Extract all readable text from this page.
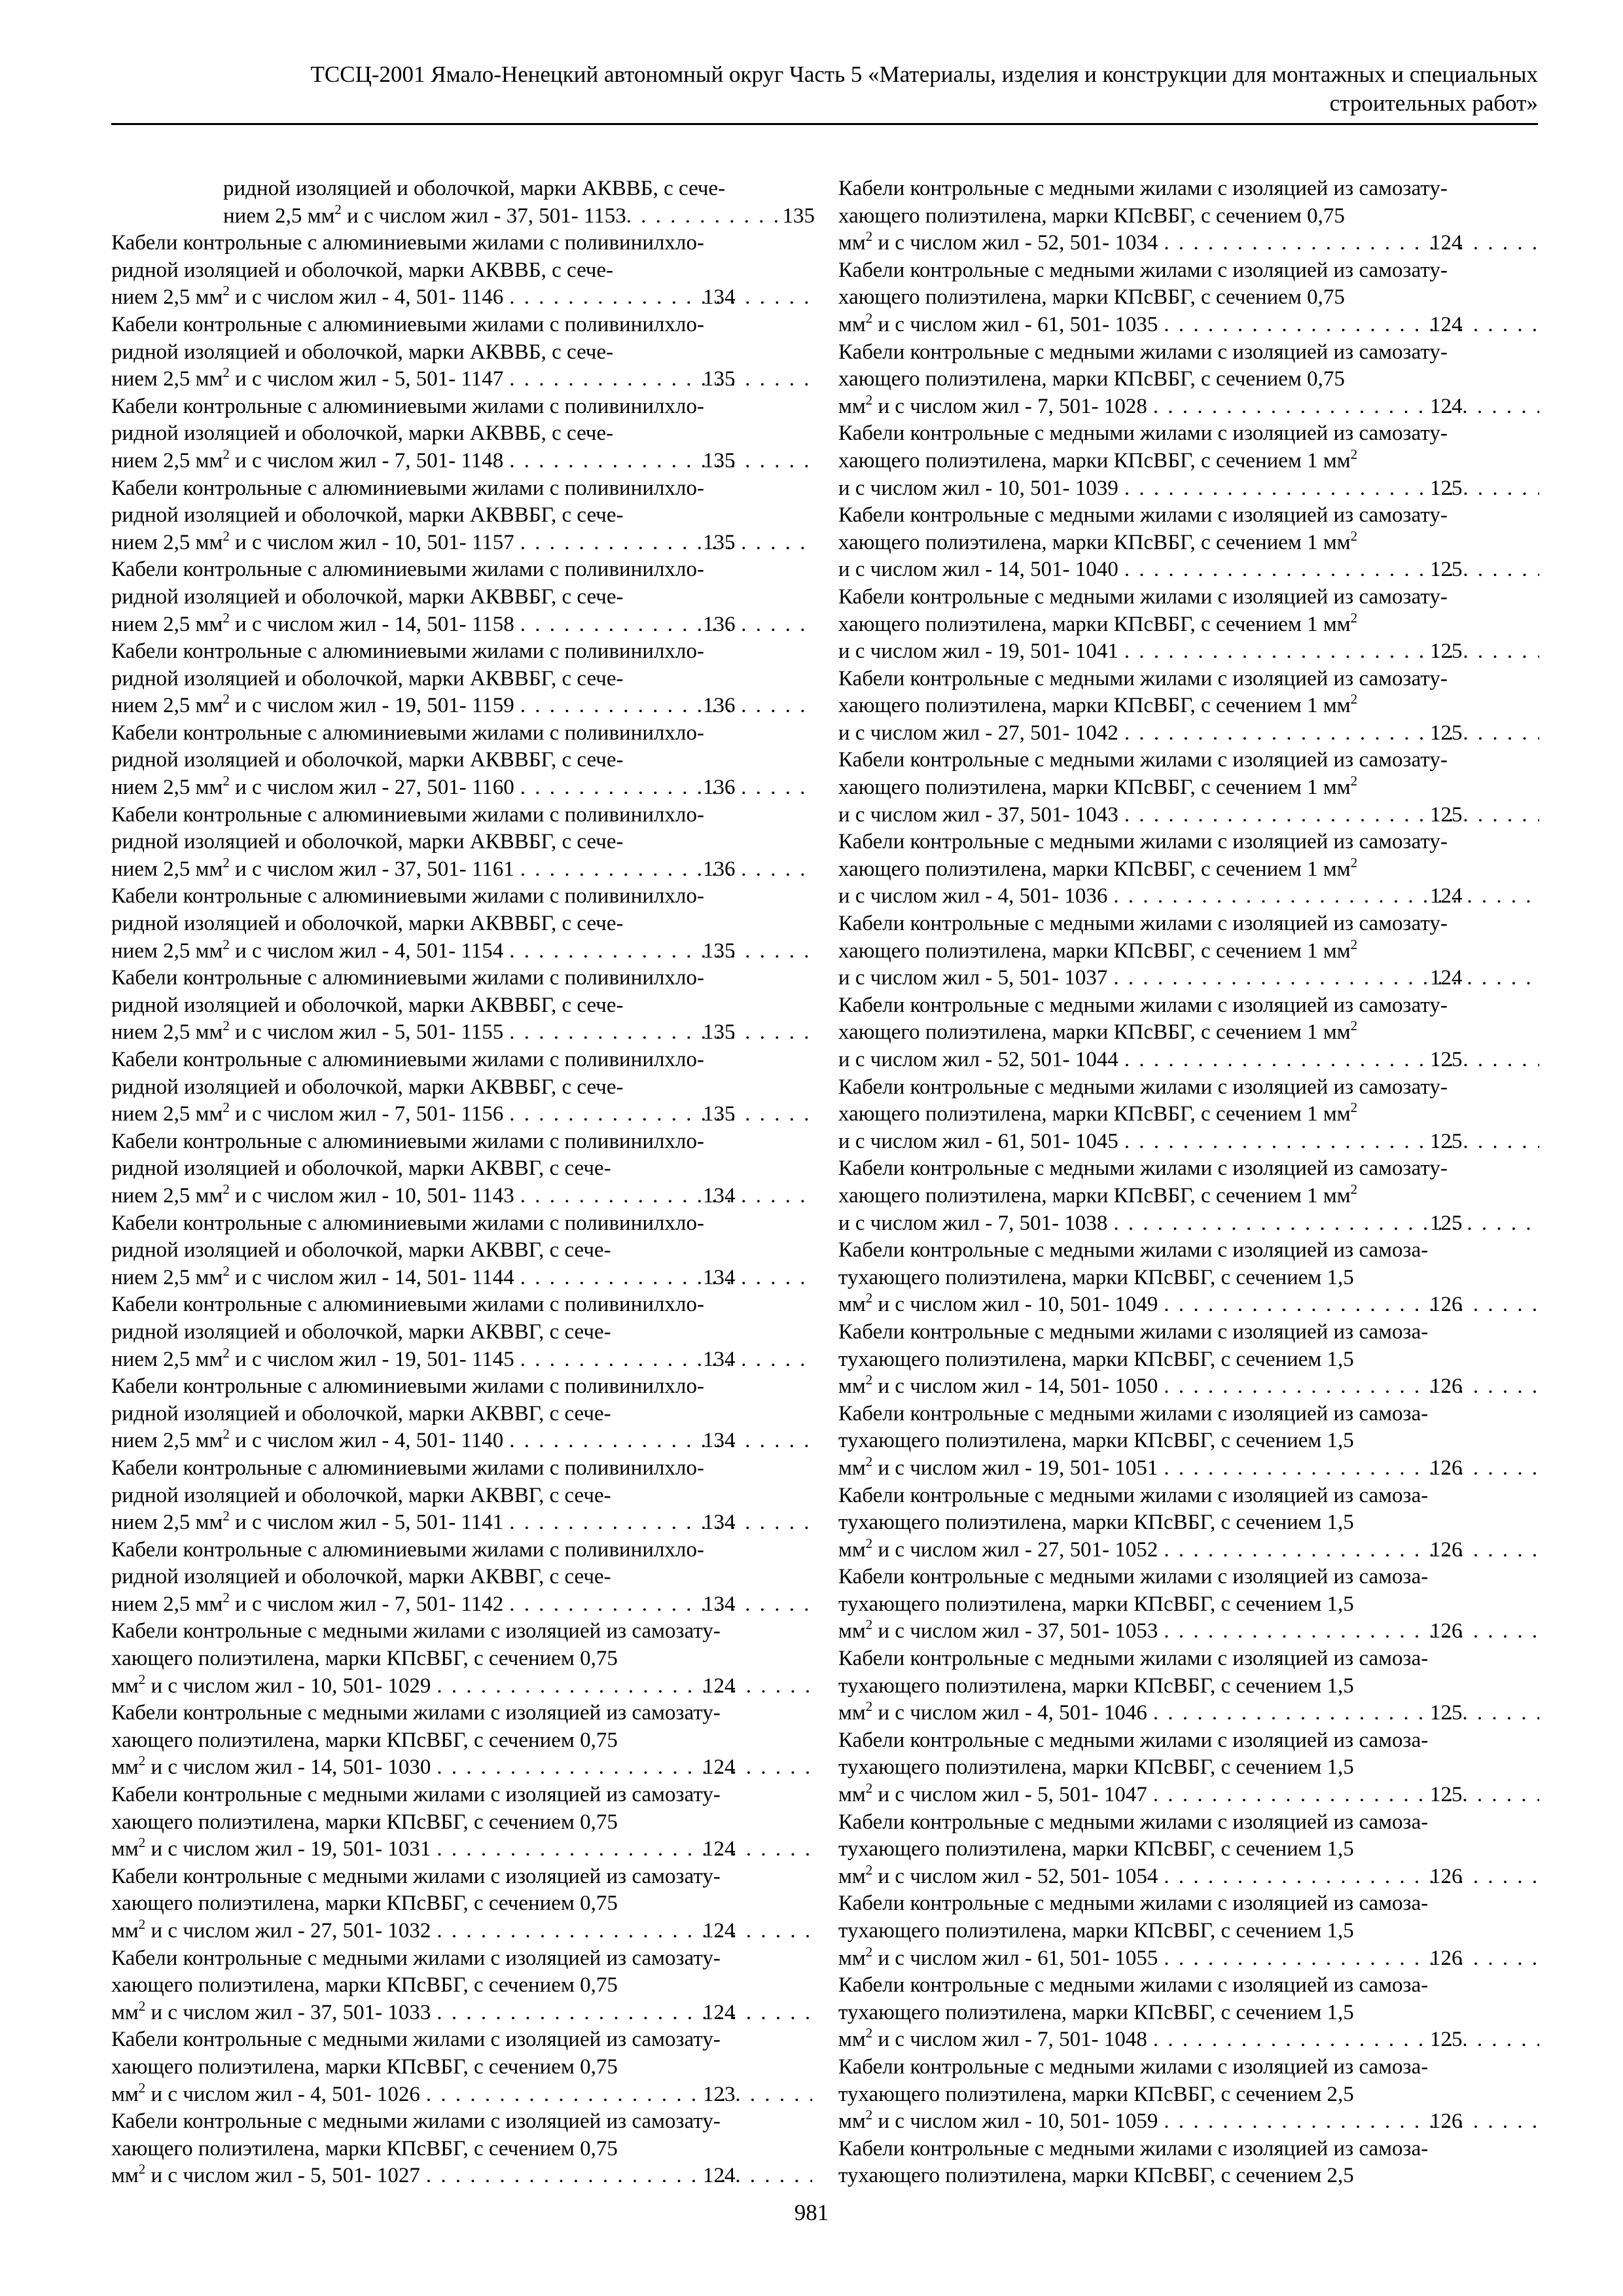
ТССЦ-2001 Ямало-Ненецкий автономный округ Часть 5 «Материалы, изделия и конструкции для монтажных и специальных
строительных работ»
ридной изоляцией и оболочкой, марки АКВВБ, с сече-
нием 2,5 $мм^2$ и с числом жил - 37, 501- 1153 . . .	135
Кабели контрольные с алюминиевыми жилами с поливинилхло-
ридной изоляцией и оболочкой, марки АКВВБ, с сече-
нием 2,5 $мм^2$ и с числом жил - 4, 501- 1146 . . .	134
Кабели контрольные с алюминиевыми жилами с поливинилхло-
ридной изоляцией и оболочкой, марки АКВВБ, с сече-
нием 2,5 $мм^2$ и с числом жил - 5, 501- 1147 . . .	135
Кабели контрольные с алюминиевыми жилами с поливинилхло-
ридной изоляцией и оболочкой, марки АКВВБ, с сече-
нием 2,5 $мм^2$ и с числом жил - 7, 501- 1148 . . .	135
Кабели контрольные с алюминиевыми жилами с поливинилхло-
ридной изоляцией и оболочкой, марки АКВВБГ, с сече-
нием 2,5 $мм^2$ и с числом жил - 10, 501- 1157 . . .	135
Кабели контрольные с алюминиевыми жилами с поливинилхло-
ридной изоляцией и оболочкой, марки АКВВБГ, с сече-
нием 2,5 $мм^2$ и с числом жил - 14, 501- 1158 . . .	136
Кабели контрольные с алюминиевыми жилами с поливинилхло-
ридной изоляцией и оболочкой, марки АКВВБГ, с сече-
нием 2,5 $мм^2$ и с числом жил - 19, 501- 1159 . . .	136
Кабели контрольные с алюминиевыми жилами с поливинилхло-
ридной изоляцией и оболочкой, марки АКВВБГ, с сече-
нием 2,5 $мм^2$ и с числом жил - 27, 501- 1160 . . .	136
Кабели контрольные с алюминиевыми жилами с поливинилхло-
ридной изоляцией и оболочкой, марки АКВВБГ, с сече-
нием 2,5 $мм^2$ и с числом жил - 37, 501- 1161 . . .	136
Кабели контрольные с алюминиевыми жилами с поливинилхло-
ридной изоляцией и оболочкой, марки АКВВБГ, с сече-
нием 2,5 $мм^2$ и с числом жил - 4, 501- 1154 . . .	135
Кабели контрольные с алюминиевыми жилами с поливинилхло-
ридной изоляцией и оболочкой, марки АКВВБГ, с сече-
нием 2,5 $мм^2$ и с числом жил - 5, 501- 1155 . . .	135
Кабели контрольные с алюминиевыми жилами с поливинилхло-
ридной изоляцией и оболочкой, марки АКВВБГ, с сече-
нием 2,5 $мм^2$ и с числом жил - 7, 501- 1156 . . .	135
Кабели контрольные с алюминиевыми жилами с поливинилхло-
ридной изоляцией и оболочкой, марки АКВВГ, с сече-
нием 2,5 $мм^2$ и с числом жил - 10, 501- 1143 . . .	134
Кабели контрольные с алюминиевыми жилами с поливинилхло-
ридной изоляцией и оболочкой, марки АКВВГ, с сече-
нием 2,5 $мм^2$ и с числом жил - 14, 501- 1144 . . .	134
Кабели контрольные с алюминиевыми жилами с поливинилхло-
ридной изоляцией и оболочкой, марки АКВВГ, с сече-
нием 2,5 $мм^2$ и с числом жил - 19, 501- 1145 . . .	134
Кабели контрольные с алюминиевыми жилами с поливинилхло-
ридной изоляцией и оболочкой, марки АКВВГ, с сече-
нием 2,5 $мм^2$ и с числом жил - 4, 501- 1140 . . .	134
Кабели контрольные с алюминиевыми жилами с поливинилхло-
ридной изоляцией и оболочкой, марки АКВВГ, с сече-
нием 2,5 $мм^2$ и с числом жил - 5, 501- 1141 . . .	134
Кабели контрольные с алюминиевыми жилами с поливинилхло-
ридной изоляцией и оболочкой, марки АКВВГ, с сече-
нием 2,5 $мм^2$ и с числом жил - 7, 501- 1142 . . .	134
Кабели контрольные с медными жилами с изоляцией из самозату-
хающего полиэтилена, марки КПсВБГ, с сечением 0,75
$мм^2$ и с числом жил - 10, 501- 1029 . . .	124
Кабели контрольные с медными жилами с изоляцией из самозату-
хающего полиэтилена, марки КПсВБГ, с сечением 0,75
$мм^2$ и с числом жил - 14, 501- 1030 . . .	124
Кабели контрольные с медными жилами с изоляцией из самозату-
хающего полиэтилена, марки КПсВБГ, с сечением 0,75
$мм^2$ и с числом жил - 19, 501- 1031 . . .	124
Кабели контрольные с медными жилами с изоляцией из самозату-
хающего полиэтилена, марки КПсВБГ, с сечением 0,75
$мм^2$ и с числом жил - 27, 501- 1032 . . .	124
Кабели контрольные с медными жилами с изоляцией из самозату-
хающего полиэтилена, марки КПсВБГ, с сечением 0,75
$мм^2$ и с числом жил - 37, 501- 1033 . . .	124
Кабели контрольные с медными жилами с изоляцией из самозату-
хающего полиэтилена, марки КПсВБГ, с сечением 0,75
$мм^2$ и с числом жил - 4, 501- 1026 . . .	123
Кабели контрольные с медными жилами с изоляцией из самозату-
хающего полиэтилена, марки КПсВБГ, с сечением 0,75
$мм^2$ и с числом жил - 5, 501- 1027 . . .	124
Кабели контрольные с медными жилами с изоляцией из самозату-
хающего полиэтилена, марки КПсВБГ, с сечением 0,75
$мм^2$ и с числом жил - 52, 501- 1034 . . .	124
Кабели контрольные с медными жилами с изоляцией из самозату-
хающего полиэтилена, марки КПсВБГ, с сечением 0,75
$мм^2$ и с числом жил - 61, 501- 1035 . . .	124
Кабели контрольные с медными жилами с изоляцией из самозату-
хающего полиэтилена, марки КПсВБГ, с сечением 0,75
$мм^2$ и с числом жил - 7, 501- 1028 . . .	124
Кабели контрольные с медными жилами с изоляцией из самозату-
хающего полиэтилена, марки КПсВБГ, с сечением 1 $мм^2$
и с числом жил - 10, 501- 1039 . . .	125
Кабели контрольные с медными жилами с изоляцией из самозату-
хающего полиэтилена, марки КПсВБГ, с сечением 1 $мм^2$
и с числом жил - 14, 501- 1040 . . .	125
Кабели контрольные с медными жилами с изоляцией из самозату-
хающего полиэтилена, марки КПсВБГ, с сечением 1 $мм^2$
и с числом жил - 19, 501- 1041 . . .	125
Кабели контрольные с медными жилами с изоляцией из самозату-
хающего полиэтилена, марки КПсВБГ, с сечением 1 $мм^2$
и с числом жил - 27, 501- 1042 . . .	125
Кабели контрольные с медными жилами с изоляцией из самозату-
хающего полиэтилена, марки КПсВБГ, с сечением 1 $мм^2$
и с числом жил - 37, 501- 1043 . . .	125
Кабели контрольные с медными жилами с изоляцией из самозату-
хающего полиэтилена, марки КПсВБГ, с сечением 1 $мм^2$
и с числом жил - 4, 501- 1036 . . .	124
Кабели контрольные с медными жилами с изоляцией из самозату-
хающего полиэтилена, марки КПсВБГ, с сечением 1 $мм^2$
и с числом жил - 5, 501- 1037 . . .	124
Кабели контрольные с медными жилами с изоляцией из самозату-
хающего полиэтилена, марки КПсВБГ, с сечением 1 $мм^2$
и с числом жил - 52, 501- 1044 . . .	125
Кабели контрольные с медными жилами с изоляцией из самозату-
хающего полиэтилена, марки КПсВБГ, с сечением 1 $мм^2$
и с числом жил - 61, 501- 1045 . . .	125
Кабели контрольные с медными жилами с изоляцией из самозату-
хающего полиэтилена, марки КПсВБГ, с сечением 1 $мм^2$
и с числом жил - 7, 501- 1038 . . .	125
Кабели контрольные с медными жилами с изоляцией из самоза-
тухающего полиэтилена, марки КПсВБГ, с сечением 1,5
$мм^2$ и с числом жил - 10, 501- 1049 . . .	126
Кабели контрольные с медными жилами с изоляцией из самоза-
тухающего полиэтилена, марки КПсВБГ, с сечением 1,5
$мм^2$ и с числом жил - 14, 501- 1050 . . .	126
Кабели контрольные с медными жилами с изоляцией из самоза-
тухающего полиэтилена, марки КПсВБГ, с сечением 1,5
$мм^2$ и с числом жил - 19, 501- 1051 . . .	126
Кабели контрольные с медными жилами с изоляцией из самоза-
тухающего полиэтилена, марки КПсВБГ, с сечением 1,5
$мм^2$ и с числом жил - 27, 501- 1052 . . .	126
Кабели контрольные с медными жилами с изоляцией из самоза-
тухающего полиэтилена, марки КПсВБГ, с сечением 1,5
$мм^2$ и с числом жил - 37, 501- 1053 . . .	126
Кабели контрольные с медными жилами с изоляцией из самоза-
тухающего полиэтилена, марки КПсВБГ, с сечением 1,5
$мм^2$ и с числом жил - 4, 501- 1046 . . .	125
Кабели контрольные с медными жилами с изоляцией из самоза-
тухающего полиэтилена, марки КПсВБГ, с сечением 1,5
$мм^2$ и с числом жил - 5, 501- 1047 . . .	125
Кабели контрольные с медными жилами с изоляцией из самоза-
тухающего полиэтилена, марки КПсВБГ, с сечением 1,5
$мм^2$ и с числом жил - 52, 501- 1054 . . .	126
Кабели контрольные с медными жилами с изоляцией из самоза-
тухающего полиэтилена, марки КПсВБГ, с сечением 1,5
$мм^2$ и с числом жил - 61, 501- 1055 . . .	126
Кабели контрольные с медными жилами с изоляцией из самоза-
тухающего полиэтилена, марки КПсВБГ, с сечением 1,5
$мм^2$ и с числом жил - 7, 501- 1048 . . .	125
Кабели контрольные с медными жилами с изоляцией из самоза-
тухающего полиэтилена, марки КПсВБГ, с сечением 2,5
$мм^2$ и с числом жил - 10, 501- 1059 . . .	126
Кабели контрольные с медными жилами с изоляцией из самоза-
тухающего полиэтилена, марки КПсВБГ, с сечением 2,5
981
